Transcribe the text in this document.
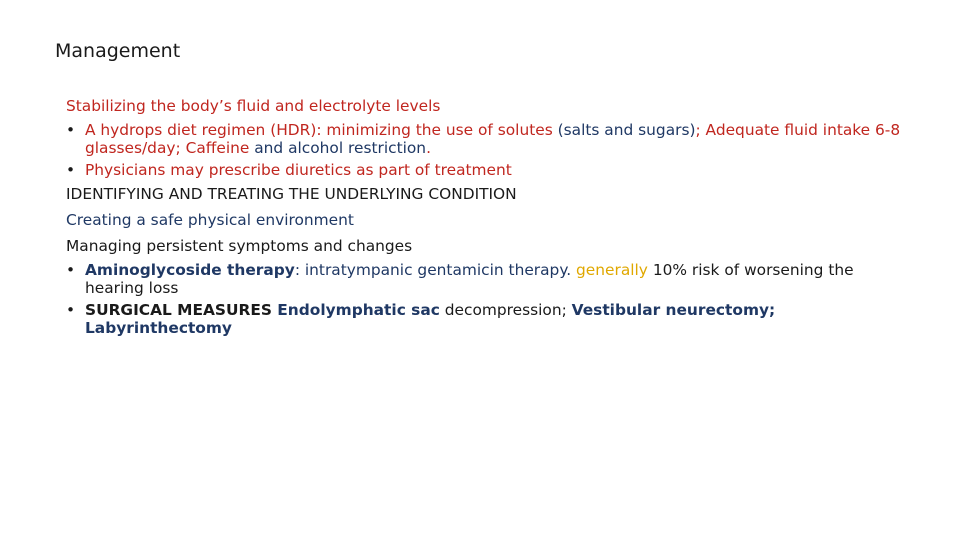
Management
Stabilizing the body’s fluid and electrolyte levels
• A hydrops diet regimen (HDR): minimizing the use of solutes (salts and sugars); Adequate fluid intake 6-8 glasses/day; Caffeine and alcohol restriction.
• Physicians may prescribe diuretics as part of treatment
IDENTIFYING AND TREATING THE UNDERLYING CONDITION
Creating a safe physical environment
Managing persistent symptoms and changes
• Aminoglycoside therapy: intratympanic gentamicin therapy. generally 10% risk of worsening the hearing loss
• SURGICAL MEASURES Endolymphatic sac decompression; Vestibular neurectomy; Labyrinthectomy
